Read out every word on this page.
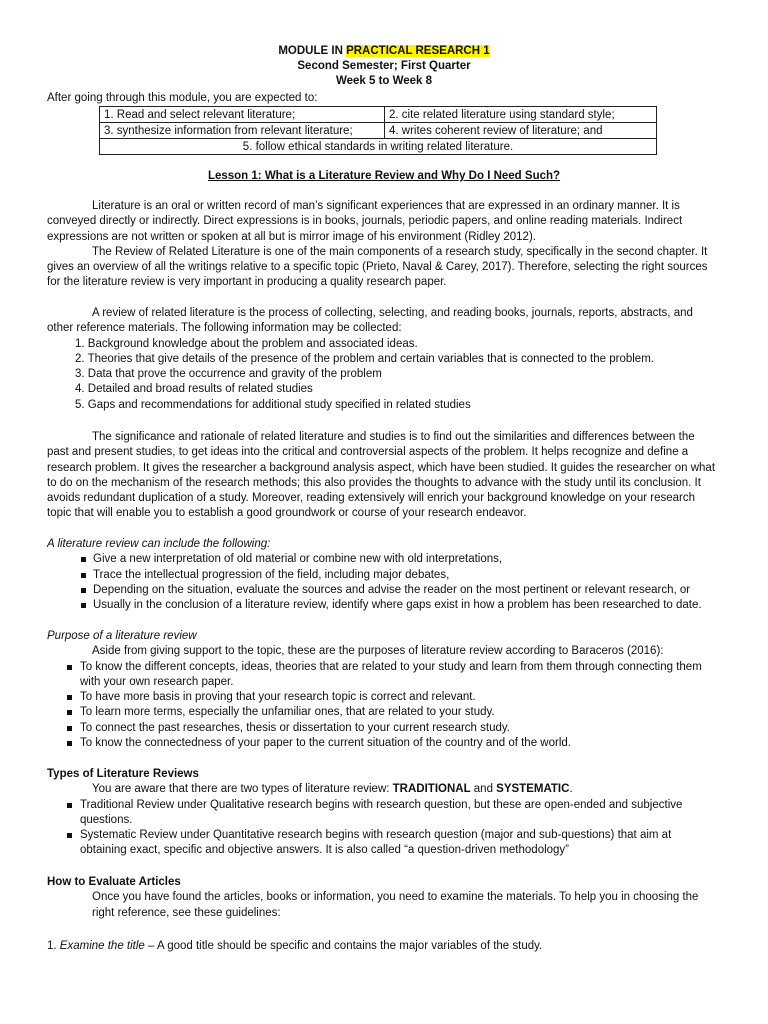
MODULE IN PRACTICAL RESEARCH 1
Second Semester; First Quarter
Week 5 to Week 8
After going through this module, you are expected to:
1. Read and select relevant literature;	2. cite related literature using standard style;
3. synthesize information from relevant literature;	4. writes coherent review of literature; and
5. follow ethical standards in writing related literature.	
Lesson 1: What is a Literature Review and Why Do I Need Such?

Literature is an oral or written record of man’s significant experiences that are expressed in an ordinary manner. It is conveyed directly or indirectly. Direct expressions is in books, journals, periodic papers, and online reading materials. Indirect expressions are not written or spoken at all but is mirror image of his environment (Ridley 2012).

The Review of Related Literature is one of the main components of a research study, specifically in the second chapter. It gives an overview of all the writings relative to a specific topic (Prieto, Naval & Carey, 2017). Therefore, selecting the right sources for the literature review is very important in producing a quality research paper.

A review of related literature is the process of collecting, selecting, and reading books, journals, reports, abstracts, and other reference materials. The following information may be collected:

1. Background knowledge about the problem and associated ideas.
2. Theories that give details of the presence of the problem and certain variables that is connected to the problem.
3. Data that prove the occurrence and gravity of the problem
4. Detailed and broad results of related studies
5. Gaps and recommendations for additional study specified in related studies

The significance and rationale of related literature and studies is to find out the similarities and differences between the past and present studies, to get ideas into the critical and controversial aspects of the problem. It helps recognize and define a research problem. It gives the researcher a background analysis aspect, which have been studied. It guides the researcher on what to do on the mechanism of the research methods; this also provides the thoughts to advance with the study until its conclusion. It avoids redundant duplication of a study. Moreover, reading extensively will enrich your background knowledge on your research topic that will enable you to establish a good groundwork or course of your research endeavor.

A literature review can include the following:
Give a new interpretation of old material or combine new with old interpretations,
Trace the intellectual progression of the field, including major debates,
Depending on the situation, evaluate the sources and advise the reader on the most pertinent or relevant research, or
Usually in the conclusion of a literature review, identify where gaps exist in how a problem has been researched to date.
Purpose of a literature review
Aside from giving support to the topic, these are the purposes of literature review according to Baraceros (2016):
To know the different concepts, ideas, theories that are related to your study and learn from them through connecting them with your own research paper.
To have more basis in proving that your research topic is correct and relevant.
To learn more terms, especially the unfamiliar ones, that are related to your study.
To connect the past researches, thesis or dissertation to your current research study.
To know the connectedness of your paper to the current situation of the country and of the world.
Types of Literature Reviews
You are aware that there are two types of literature review: TRADITIONAL and SYSTEMATIC.
Traditional Review under Qualitative research begins with research question, but these are open-ended and subjective questions.
Systematic Review under Quantitative research begins with research question (major and sub-questions) that aim at obtaining exact, specific and objective answers. It is also called “a question-driven methodology”
How to Evaluate Articles
Once you have found the articles, books or information, you need to examine the materials. To help you in choosing the right reference, see these guidelines:
1. Examine the title – A good title should be specific and contains the major variables of the study.
